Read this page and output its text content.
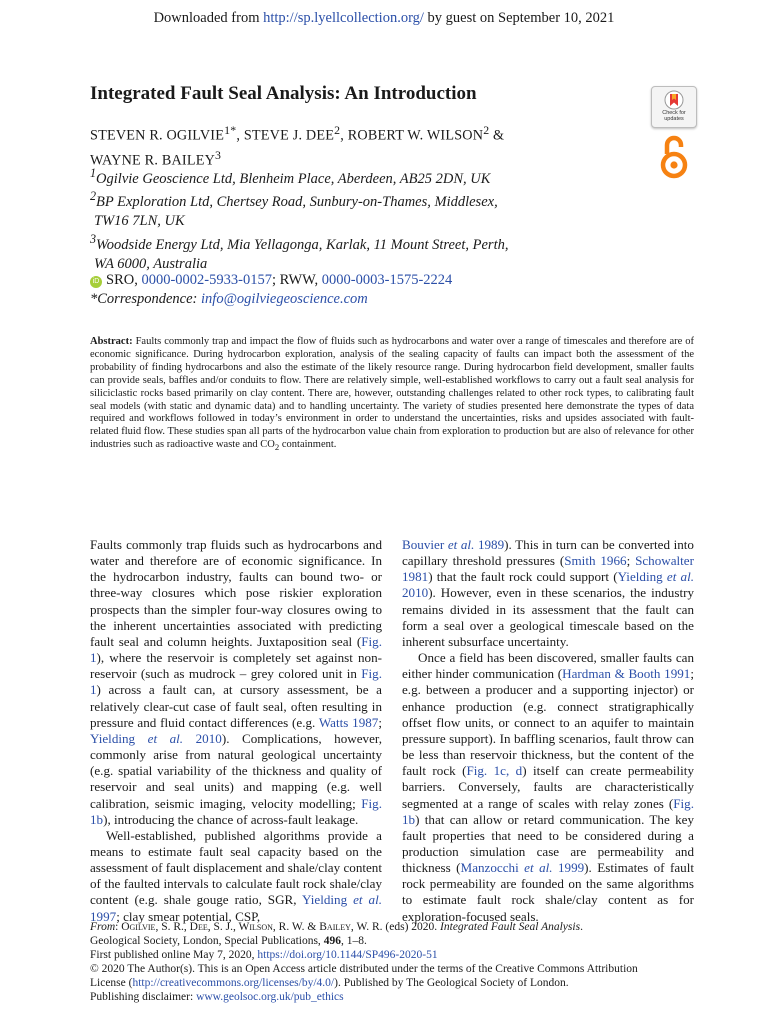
Downloaded from http://sp.lyellcollection.org/ by guest on September 10, 2021
Integrated Fault Seal Analysis: An Introduction
Check for
updates
STEVEN R. $OGILVIE^{1*}$, STEVE J. DEE$^2$, ROBERT W. WILSON$^2$ &
WAYNE R. BAILEY$^3$
$^1$Ogilvie Geoscience Ltd, Blenheim Place, Aberdeen, AB25 2DN, UK
$^2$BP Exploration Ltd, Chertsey Road, Sunbury-on-Thames, Middlesex,
TW16 7LN, UK
$^3$Woodside Energy Ltd, Mia Yellagonga, Karlak, 11 Mount Street, Perth,
WA 6000, Australia
iD SRO, 0000-0002-5933-0157; RWW, 0000-0003-1575-2224
*Correspondence: info@ogilviegeoscience.com
Abstract: Faults commonly trap and impact the flow of fluids such as hydrocarbons and water over a range of timescales and therefore are of economic significance. During hydrocarbon exploration, analysis of the sealing capacity of faults can impact both the assessment of the probability of finding hydrocarbons and also the estimate of the likely resource range. During hydrocarbon field development, smaller faults can provide seals, baffles and/or conduits to flow. There are relatively simple, well-established workflows to carry out a fault seal analysis for siliciclastic rocks based primarily on clay content. There are, however, outstanding challenges related to other rock types, to calibrating fault seal models (with static and dynamic data) and to handling uncertainty. The variety of studies presented here demonstrate the types of data required and workflows followed in today’s environment in order to understand the uncertainties, risks and upsides associated with fault-related fluid flow. These studies span all parts of the hydrocarbon value chain from exploration to production but are also of relevance for other industries such as radioactive waste and $CO_2$ containment.

Faults commonly trap fluids such as hydrocarbons and water and therefore are of economic significance. In the hydrocarbon industry, faults can bound two- or three-way closures which pose riskier exploration prospects than the simpler four-way closures owing to the inherent uncertainties associated with predicting fault seal and column heights. Juxtaposition seal (Fig. 1), where the reservoir is completely set against non-reservoir (such as mudrock – grey colored unit in Fig. 1) across a fault can, at cursory assessment, be a relatively clear-cut case of fault seal, often resulting in pressure and fluid contact differences (e.g. Watts 1987; Yielding et al. 2010). Complications, however, commonly arise from natural geological uncertainty (e.g. spatial variability of the thickness and quality of reservoir and seal units) and mapping (e.g. well calibration, seismic imaging, velocity modelling; Fig. 1b), introducing the chance of across-fault leakage.

Well-established, published algorithms provide a means to estimate fault seal capacity based on the assessment of fault displacement and shale/clay content of the faulted intervals to calculate fault rock shale/clay content (e.g. shale gouge ratio, SGR, Yielding et al. 1997; clay smear potential, CSP,

Bouvier et al. 1989). This in turn can be converted into capillary threshold pressures (Smith 1966; Schowalter 1981) that the fault rock could support (Yielding et al. 2010). However, even in these scenarios, the industry remains divided in its assessment that the fault can form a seal over a geological timescale based on the inherent subsurface uncertainty.

Once a field has been discovered, smaller faults can either hinder communication (Hardman & Booth 1991; e.g. between a producer and a supporting injector) or enhance production (e.g. connect stratigraphically offset flow units, or connect to an aquifer to maintain pressure support). In baffling scenarios, fault throw can be less than reservoir thickness, but the content of the fault rock (Fig. 1c, d) itself can create permeability barriers. Conversely, faults are characteristically segmented at a range of scales with relay zones (Fig. 1b) that can allow or retard communication. The key fault properties that need to be considered during a production simulation case are permeability and thickness (Manzocchi et al. 1999). Estimates of fault rock permeability are founded on the same algorithms to estimate fault rock shale/clay content as for exploration-focused seals.

From: Ogilvie, S. R., Dee, S. J., Wilson, R. W. & Bailey, W. R. (eds) 2020. Integrated Fault Seal Analysis.
Geological Society, London, Special Publications, 496, 1–8.
First published online May 7, 2020, https://doi.org/10.1144/SP496-2020-51
© 2020 The Author(s). This is an Open Access article distributed under the terms of the Creative Commons Attribution
License (http://creativecommons.org/licenses/by/4.0/). Published by The Geological Society of London.
Publishing disclaimer: www.geolsoc.org.uk/pub_ethics
